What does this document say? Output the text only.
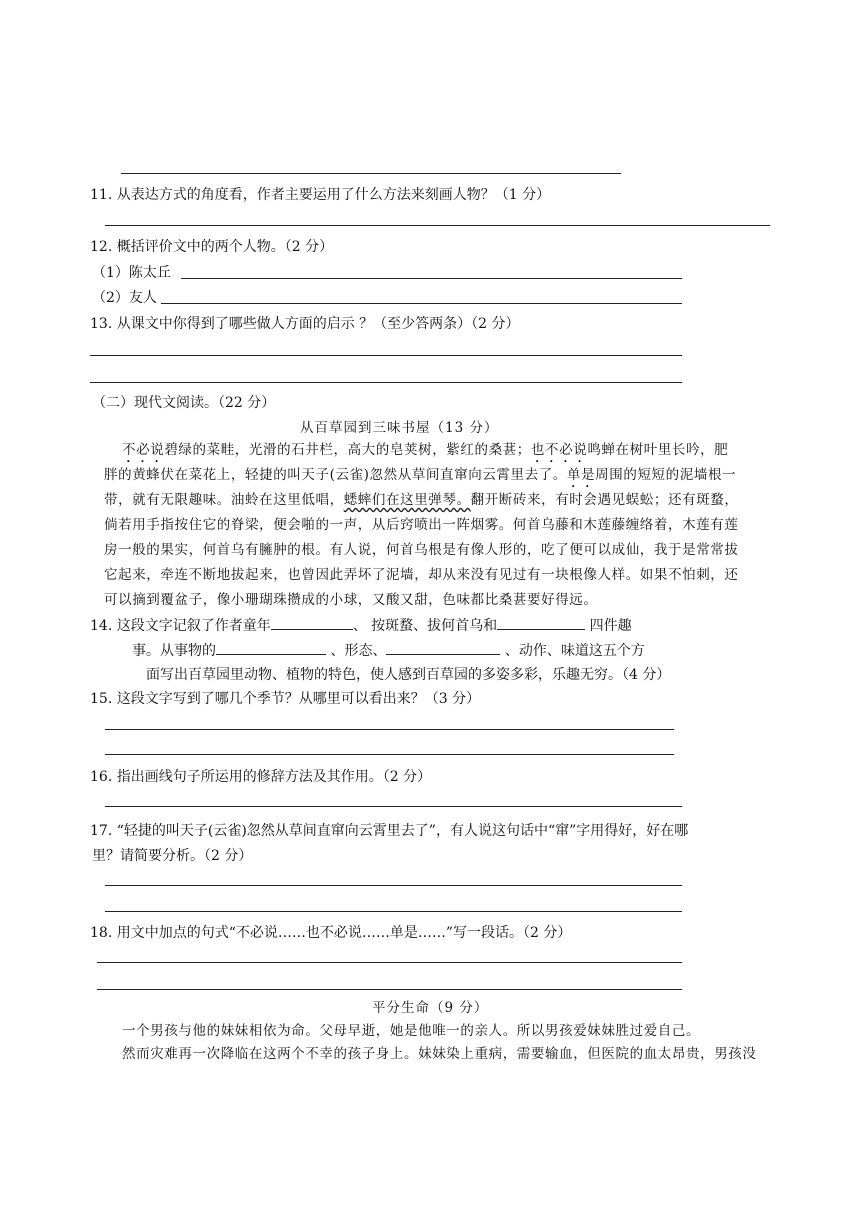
11. 从表达方式的角度看，作者主要运用了什么方法来刻画人物？（1 分）
12. 概括评价文中的两个人物。（2 分）
（1）陈太丘
（2）友人
13. 从课文中你得到了哪些做人方面的启示 ？（至少答两条）（2 分）
（二）现代文阅读。（22 分）
从百草园到三味书屋（13 分）
不必说碧绿的菜畦，光滑的石井栏，高大的皂荚树，紫红的桑葚；也不必说鸣蝉在树叶里长吟，肥
胖的黄蜂伏在菜花上，轻捷的叫天子(云雀)忽然从草间直窜向云霄里去了。单是周围的短短的泥墙根一
带，就有无限趣味。油蛉在这里低唱，蟋蟀们在这里弹琴。翻开断砖来，有时会遇见蜈蚣；还有斑蝥，
倘若用手指按住它的脊梁，便会啪的一声，从后窍喷出一阵烟雾。何首乌藤和木莲藤缠络着，木莲有莲
房一般的果实，何首乌有臃肿的根。有人说，何首乌根是有像人形的，吃了便可以成仙，我于是常常拔
它起来，牵连不断地拔起来，也曾因此弄坏了泥墙，却从来没有见过有一块根像人样。如果不怕刺，还
可以摘到覆盆子，像小珊瑚珠攒成的小球，又酸又甜，色味都比桑葚要好得远。
14. 这段文字记叙了作者童年	、 按斑蝥、拔何首乌和	四件趣
事。从事物的	、形态、	、动作、味道这五个方
面写出百草园里动物、植物的特色，使人感到百草园的多姿多彩，乐趣无穷。（4 分）
15. 这段文字写到了哪几个季节？从哪里可以看出来？（3 分）
16. 指出画线句子所运用的修辞方法及其作用。（2 分）
17. “轻捷的叫天子(云雀)忽然从草间直窜向云霄里去了”，有人说这句话中“窜”字用得好，好在哪
里？请简要分析。（2 分）
18. 用文中加点的句式“不必说……也不必说……单是……”写一段话。（2 分）
平分生命（9 分）
一个男孩与他的妹妹相依为命。父母早逝，她是他唯一的亲人。所以男孩爱妹妹胜过爱自己。
然而灾难再一次降临在这两个不幸的孩子身上。妹妹染上重病，需要输血，但医院的血太昂贵，男孩没
